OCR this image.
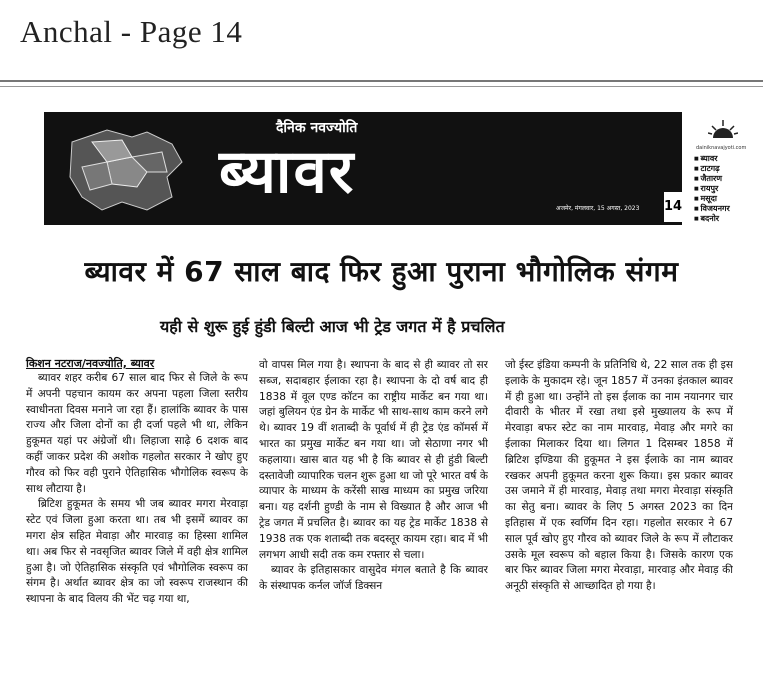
Anchal - Page 14
दैनिक नवज्योति
ब्यावर
अजमेर, मंगलवार, 15 अगस्त, 2023 14
dainiknavajyoti.com
■ ब्यावर
■ टाटगढ़
■ जैतारण
■ रायपुर
■ मसूदा
■ विजयनगर
■ बदनोर
ब्यावर में 67 साल बाद फिर हुआ पुराना भौगोलिक संगम
यही से शुरू हुई हुंडी बिल्टी आज भी ट्रेड जगत में है प्रचलित
किशन नटराज/नवज्योति, ब्यावर

ब्यावर शहर करीब 67 साल बाद फिर से जिले के रूप में अपनी पहचान कायम कर अपना पहला जिला स्तरीय स्वाधीनता दिवस मनाने जा रहा हैं। हालांकि ब्यावर के पास राज्य और जिला दोनों का ही दर्जा पहले भी था, लेकिन हुकूमत यहां पर अंग्रेजों थी। लिहाजा साढ़े 6 दशक बाद कहीं जाकर प्रदेश की अशोक गहलोत सरकार ने खोए हुए गौरव को फिर वही पुराने ऐतिहासिक भौगोलिक स्वरूप के साथ लौटाया है।

ब्रिटिश हुकूमत के समय भी जब ब्यावर मगरा मेरवाड़ा स्टेट एवं जिला हुआ करता था। तब भी इसमें ब्यावर का मगरा क्षेत्र सहित मेवाड़ा और मारवाड़ का हिस्सा शामिल था। अब फिर से नवसृजित ब्यावर जिले में वही क्षेत्र शामिल हुआ है। जो ऐतिहासिक संस्कृति एवं भौगोलिक स्वरूप का संगम है। अर्थात ब्यावर क्षेत्र का जो स्वरूप राजस्थान की स्थापना के बाद विलय की भेंट चढ़ गया था,

वो वापस मिल गया है। स्थापना के बाद से ही ब्यावर तो सर सब्ज, सदाबहार ईलाका रहा है। स्थापना के दो वर्ष बाद ही 1838 में वूल एण्ड कॉटन का राष्ट्रीय मार्केट बन गया था। जहां बुलियन एंड ग्रेन के मार्केट भी साथ-साथ काम करने लगे थे। ब्यावर 19 वीं शताब्दी के पूर्वार्ध में ही ट्रेड एंड कॉमर्स में भारत का प्रमुख मार्केट बन गया था। जो सेठाणा नगर भी कहलाया। खास बात यह भी है कि ब्यावर से ही हुंडी बिल्टी दस्तावेजी व्यापारिक चलन शुरू हुआ था जो पूरे भारत वर्ष के व्यापार के माध्यम के करेंसी साख माध्यम का प्रमुख जरिया बना। यह दर्शनी हुण्डी के नाम से विख्यात है और आज भी ट्रेड जगत में प्रचलित है। ब्यावर का यह ट्रेड मार्केट 1838 से 1938 तक एक शताब्दी तक बदस्तूर कायम रहा। बाद में भी लगभग आधी सदी तक कम रफ्तार से चला।

ब्यावर के इतिहासकार वासुदेव मंगल बताते है कि ब्यावर के संस्थापक कर्नल जॉर्ज डिक्सन

जो ईस्ट इंडिया कम्पनी के प्रतिनिधि थे, 22 साल तक ही इस इलाके के मुकादम रहे। जून 1857 में उनका इंतकाल ब्यावर में ही हुआ था। उन्होंने तो इस ईलाक का नाम नयानगर चार दीवारी के भीतर में रखा तथा इसे मुख्यालय के रूप में मेरवाड़ा बफर स्टेट का नाम मारवाड़, मेवाड़ और मगरे का ईलाका मिलाकर दिया था। लिगत 1 दिसम्बर 1858 में ब्रिटिश इण्डिया की हुकूमत ने इस ईलाके का नाम ब्यावर रखकर अपनी हुकूमत करना शुरू किया। इस प्रकार ब्यावर उस जमाने में ही मारवाड़, मेवाड़ तथा मगरा मेरवाड़ा संस्कृति का सेतु बना। ब्यावर के लिए 5 अगस्त 2023 का दिन इतिहास में एक स्वर्णिम दिन रहा। गहलोत सरकार ने 67 साल पूर्व खोए हुए गौरव को ब्यावर जिले के रूप में लौटाकर उसके मूल स्वरूप को बहाल किया है। जिसके कारण एक बार फिर ब्यावर जिला मगरा मेरवाड़ा, मारवाड़ और मेवाड़ की अनूठी संस्कृति से आच्छादित हो गया है।
